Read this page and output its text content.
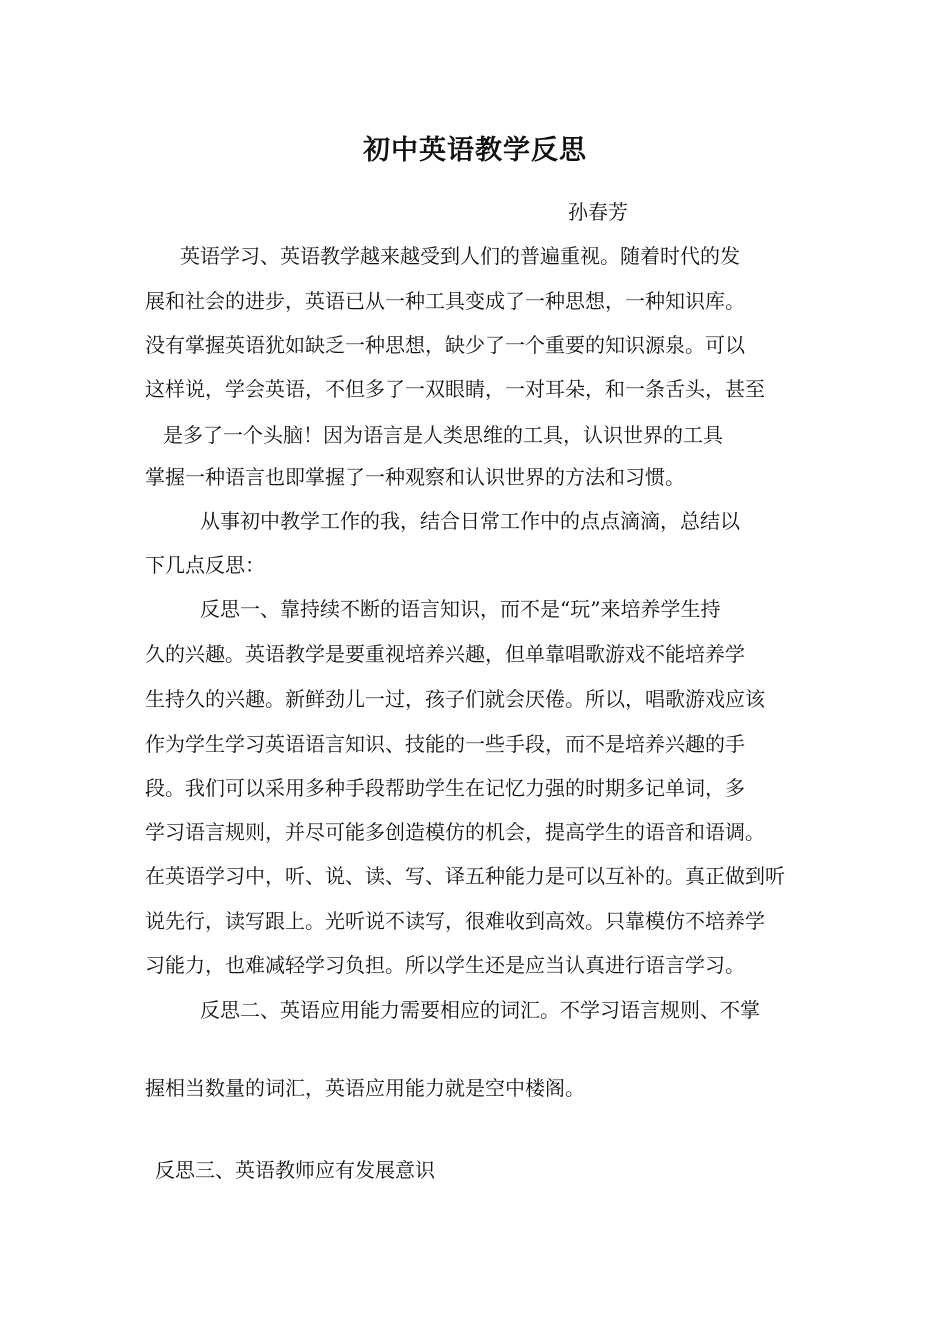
初中英语教学反思

孙春芳

英语学习、英语教学越来越受到人们的普遍重视。随着时代的发

展和社会的进步，英语已从一种工具变成了一种思想，一种知识库。

没有掌握英语犹如缺乏一种思想，缺少了一个重要的知识源泉。可以

这样说，学会英语，不但多了一双眼睛，一对耳朵，和一条舌头，甚至

是多了一个头脑！因为语言是人类思维的工具，认识世界的工具

掌握一种语言也即掌握了一种观察和认识世界的方法和习惯。

从事初中教学工作的我，结合日常工作中的点点滴滴，总结以

下几点反思：

反思一、靠持续不断的语言知识，而不是“玩”来培养学生持

久的兴趣。英语教学是要重视培养兴趣，但单靠唱歌游戏不能培养学

生持久的兴趣。新鲜劲儿一过，孩子们就会厌倦。所以，唱歌游戏应该

作为学生学习英语语言知识、技能的一些手段，而不是培养兴趣的手

段。我们可以采用多种手段帮助学生在记忆力强的时期多记单词，多

学习语言规则，并尽可能多创造模仿的机会，提高学生的语音和语调。

在英语学习中，听、说、读、写、译五种能力是可以互补的。真正做到听

说先行，读写跟上。光听说不读写，很难收到高效。只靠模仿不培养学

习能力，也难减轻学习负担。所以学生还是应当认真进行语言学习。

反思二、英语应用能力需要相应的词汇。不学习语言规则、不掌

握相当数量的词汇，英语应用能力就是空中楼阁。

反思三、英语教师应有发展意识
